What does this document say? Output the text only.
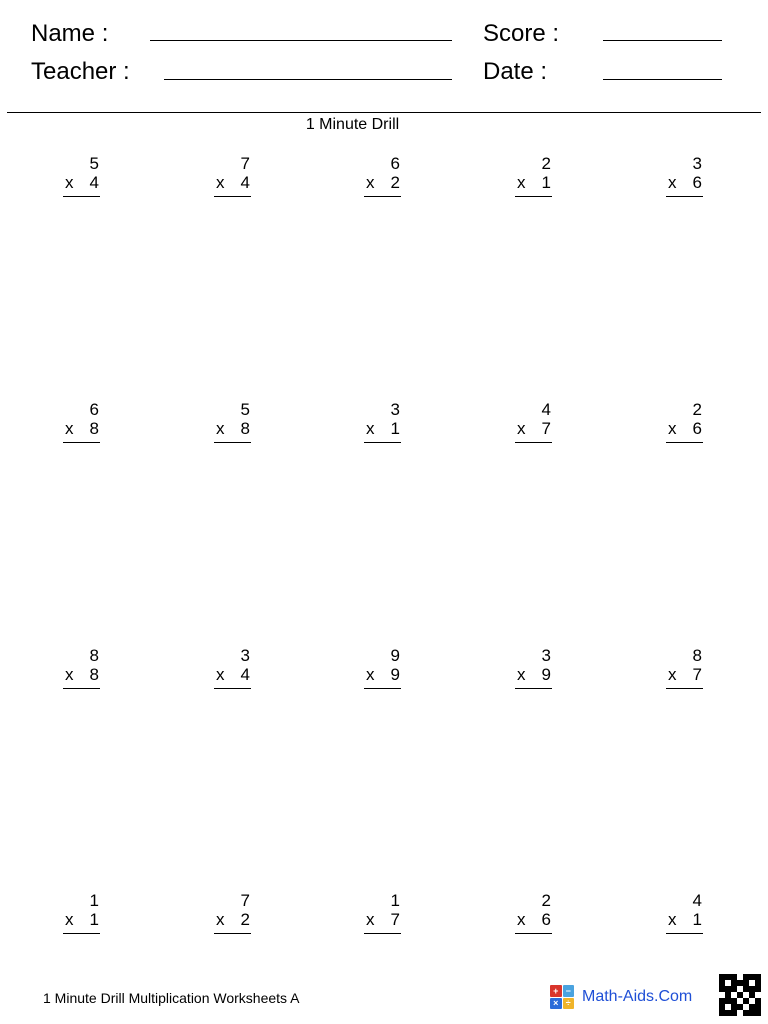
Name :
Teacher :
Score :
Date :
1 Minute Drill
5
x 4
7
x 4
6
x 2
2
x 1
3
x 6
6
x 8
5
x 8
3
x 1
4
x 7
2
x 6
8
x 8
3
x 4
9
x 9
3
x 9
8
x 7
1
x 1
7
x 2
1
x 7
2
x 6
4
x 1
1 Minute Drill Multiplication Worksheets A	+ −
× ÷ Math-Aids.Com
